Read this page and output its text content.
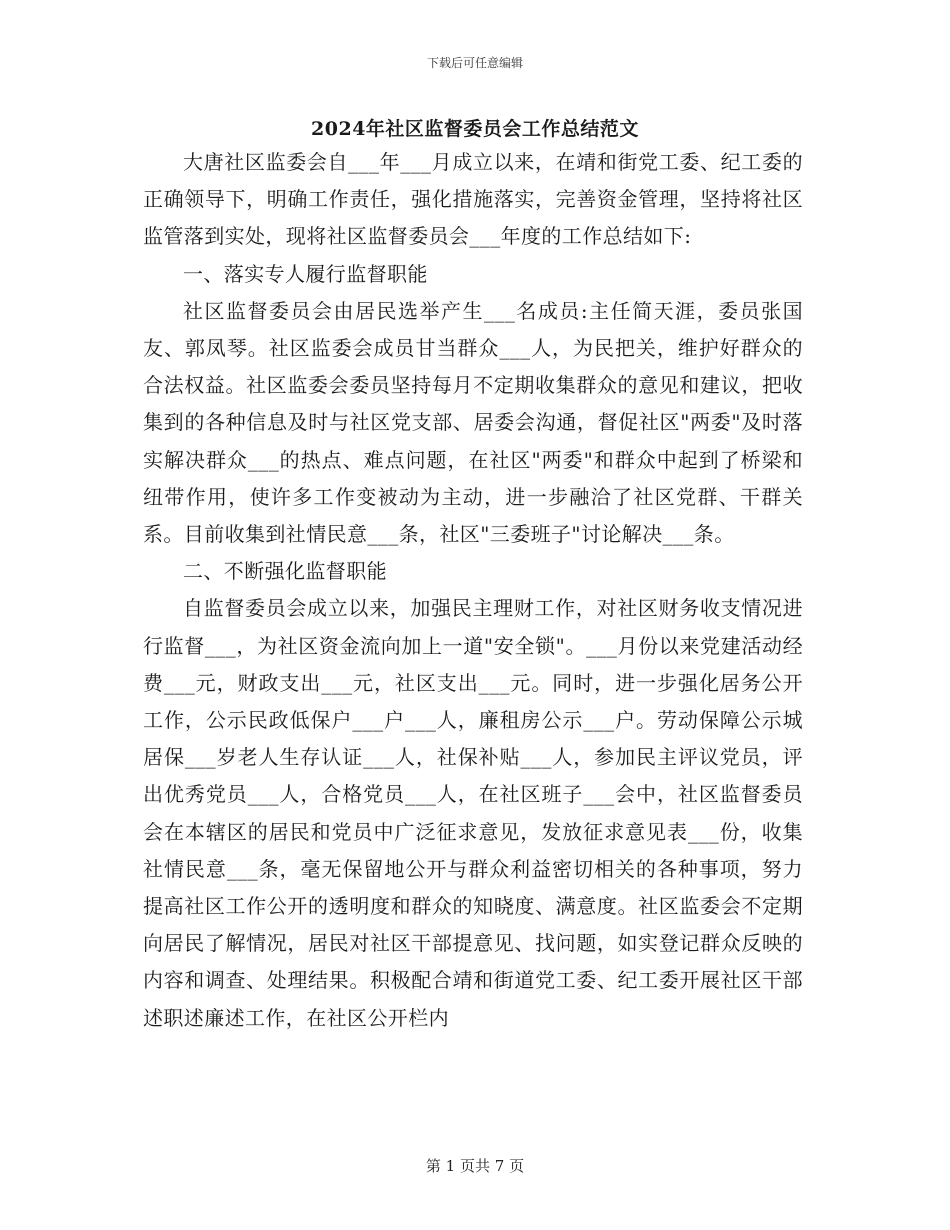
下载后可任意编辑
2024年社区监督委员会工作总结范文

大唐社区监委会自___年___月成立以来，在靖和街党工委、纪工委的正确领导下，明确工作责任，强化措施落实，完善资金管理，坚持将社区监管落到实处，现将社区监督委员会___年度的工作总结如下:

一、落实专人履行监督职能

社区监督委员会由居民选举产生___名成员:主任简天涯，委员张国友、郭凤琴。社区监委会成员甘当群众___人，为民把关，维护好群众的合法权益。社区监委会委员坚持每月不定期收集群众的意见和建议，把收集到的各种信息及时与社区党支部、居委会沟通，督促社区"两委"及时落实解决群众___的热点、难点问题，在社区"两委"和群众中起到了桥梁和纽带作用，使许多工作变被动为主动，进一步融洽了社区党群、干群关系。目前收集到社情民意___条，社区"三委班子"讨论解决___条。

二、不断强化监督职能

自监督委员会成立以来，加强民主理财工作，对社区财务收支情况进行监督___，为社区资金流向加上一道"安全锁"。___月份以来党建活动经费___元，财政支出___元，社区支出___元。同时，进一步强化居务公开工作，公示民政低保户___户___人，廉租房公示___户。劳动保障公示城居保___岁老人生存认证___人，社保补贴___人，参加民主评议党员，评出优秀党员___人，合格党员___人，在社区班子___会中，社区监督委员会在本辖区的居民和党员中广泛征求意见，发放征求意见表___份，收集社情民意___条，毫无保留地公开与群众利益密切相关的各种事项，努力提高社区工作公开的透明度和群众的知晓度、满意度。社区监委会不定期向居民了解情况，居民对社区干部提意见、找问题，如实登记群众反映的内容和调查、处理结果。积极配合靖和街道党工委、纪工委开展社区干部述职述廉述工作，在社区公开栏内

第 1 页共 7 页
